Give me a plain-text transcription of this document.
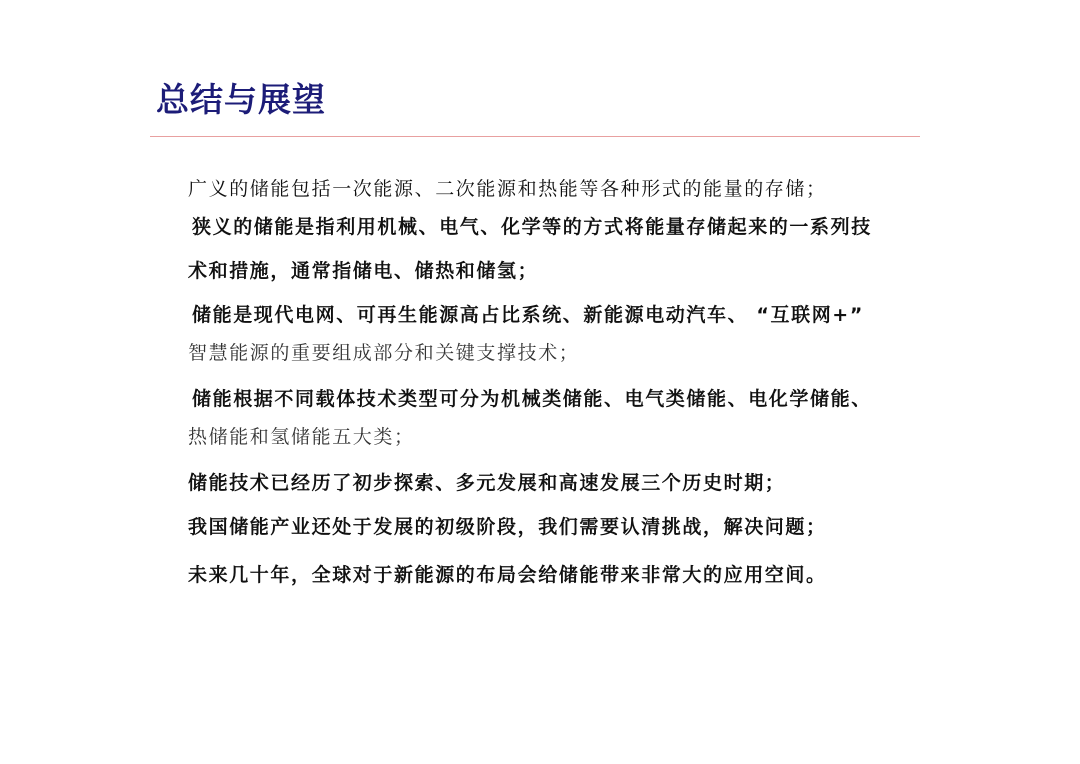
总结与展望
广义的储能包括一次能源、二次能源和热能等各种形式的能量的存储；
狭义的储能是指利用机械、电气、化学等的方式将能量存储起来的一系列技
术和措施，通常指储电、储热和储氢；
储能是现代电网、可再生能源高占比系统、新能源电动汽车、 “互联网+”
智慧能源的重要组成部分和关键支撑技术；
储能根据不同载体技术类型可分为机械类储能、电气类储能、电化学储能、
热储能和氢储能五大类；
储能技术已经历了初步探索、多元发展和高速发展三个历史时期；
我国储能产业还处于发展的初级阶段，我们需要认清挑战，解决问题；
未来几十年，全球对于新能源的布局会给储能带来非常大的应用空间。
